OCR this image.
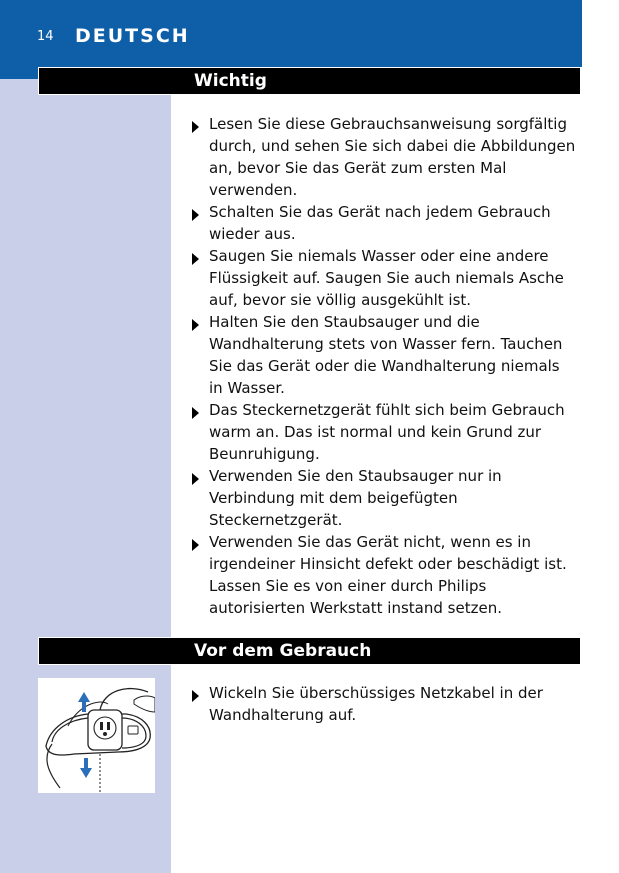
14 DEUTSCH
Wichtig
Lesen Sie diese Gebrauchsanweisung sorgfältig durch, und sehen Sie sich dabei die Abbildungen an, bevor Sie das Gerät zum ersten Mal verwenden.
Schalten Sie das Gerät nach jedem Gebrauch wieder aus.
Saugen Sie niemals Wasser oder eine andere Flüssigkeit auf. Saugen Sie auch niemals Asche auf, bevor sie völlig ausgekühlt ist.
Halten Sie den Staubsauger und die Wandhalterung stets von Wasser fern. Tauchen Sie das Gerät oder die Wandhalterung niemals in Wasser.
Das Steckernetzgerät fühlt sich beim Gebrauch warm an. Das ist normal und kein Grund zur Beunruhigung.
Verwenden Sie den Staubsauger nur in Verbindung mit dem beigefügten Steckernetzgerät.
Verwenden Sie das Gerät nicht, wenn es in irgendeiner Hinsicht defekt oder beschädigt ist. Lassen Sie es von einer durch Philips autorisierten Werkstatt instand setzen.
Vor dem Gebrauch
Wickeln Sie überschüssiges Netzkabel in der Wandhalterung auf.
